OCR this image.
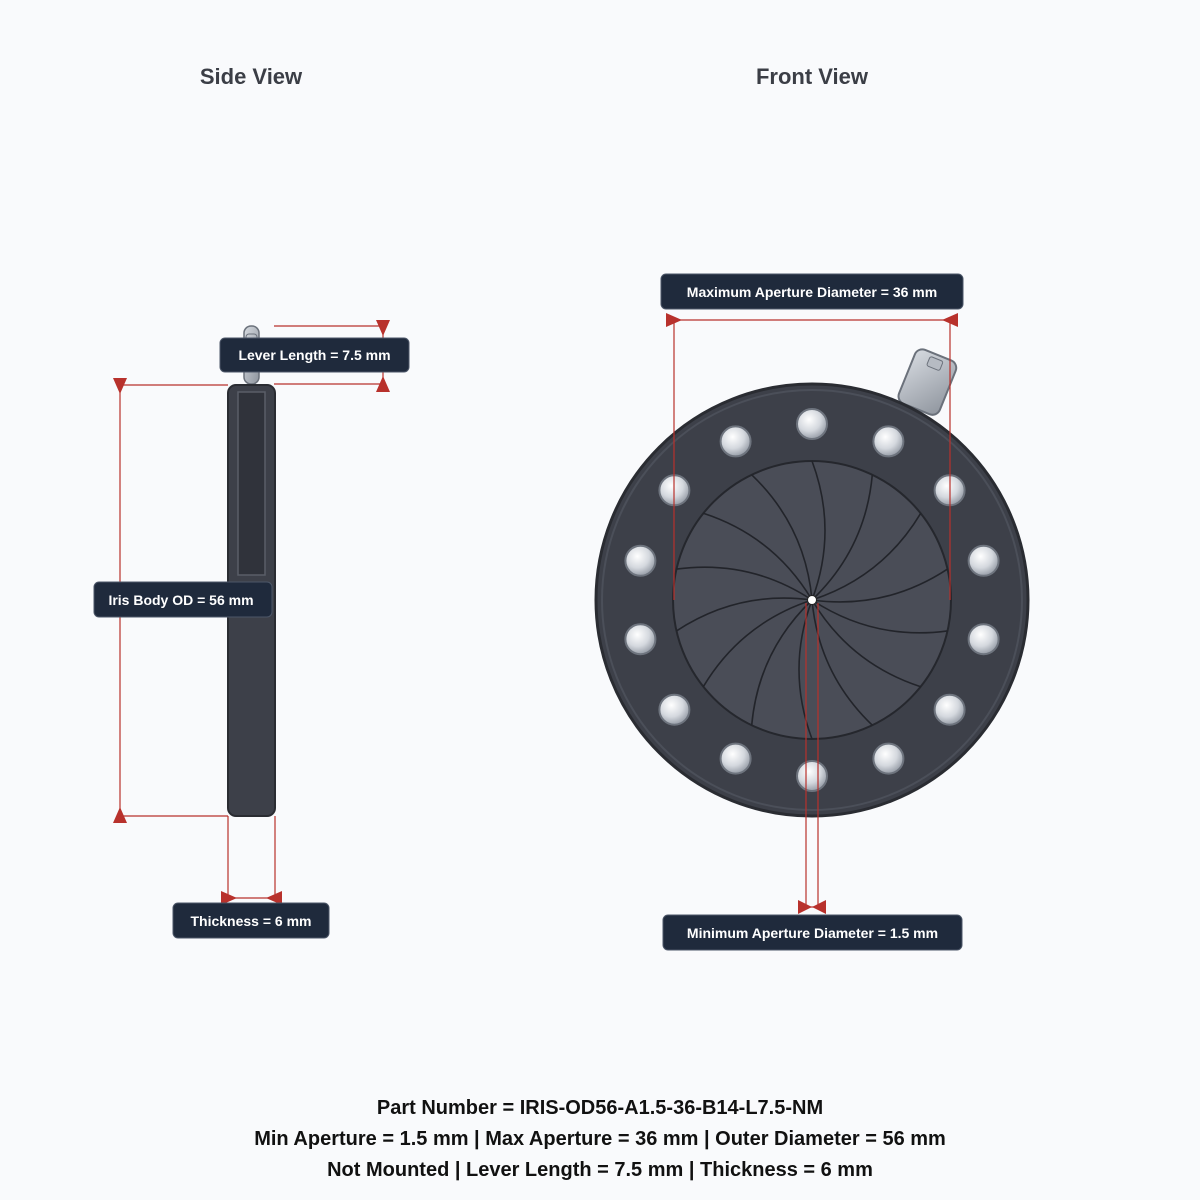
Side View	Front View
Lever Length = 7.5 mm
Iris Body OD = 56 mm
Thickness = 6 mm
Maximum Aperture Diameter = 36 mm
Minimum Aperture Diameter = 1.5 mm
Part Number = IRIS-OD56-A1.5-36-B14-L7.5-NM
Min Aperture = 1.5 mm | Max Aperture = 36 mm | Outer Diameter = 56 mm
Not Mounted | Lever Length = 7.5 mm | Thickness = 6 mm
